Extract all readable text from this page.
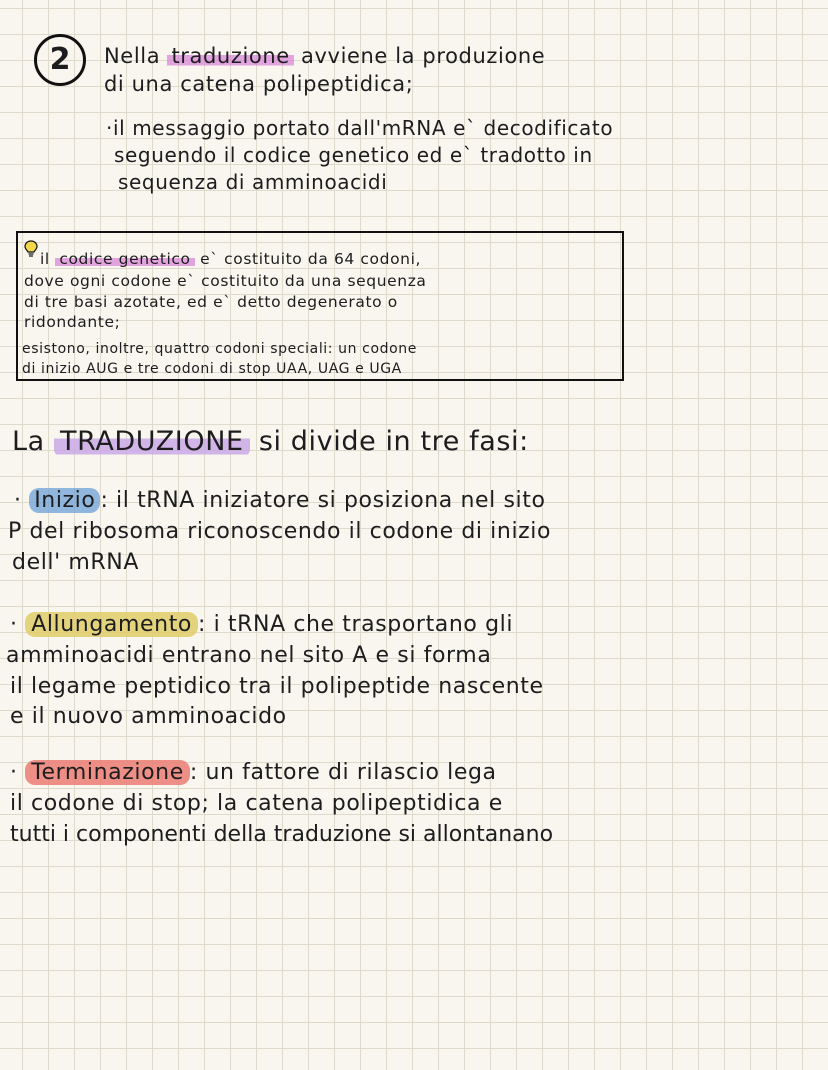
2	Nella traduzione avviene la produzione
di una catena polipeptidica;
·il messaggio portato dall'mRNA e` decodificato
seguendo il codice genetico ed e` tradotto in
sequenza di amminoacidi
il codice genetico e` costituito da 64 codoni,
dove ogni codone e` costituito da una sequenza
di tre basi azotate, ed e` detto degenerato o
ridondante;
esistono, inoltre, quattro codoni speciali: un codone
di inizio AUG e tre codoni di stop UAA, UAG e UGA
La TRADUZIONE si divide in tre fasi:
· Inizio : il tRNA iniziatore si posiziona nel sito
P del ribosoma riconoscendo il codone di inizio
dell' mRNA
· Allungamento : i tRNA che trasportano gli
amminoacidi entrano nel sito A e si forma
il legame peptidico tra il polipeptide nascente
e il nuovo amminoacido
· Terminazione : un fattore di rilascio lega
il codone di stop; la catena polipeptidica e
tutti i componenti della traduzione si allontanano
